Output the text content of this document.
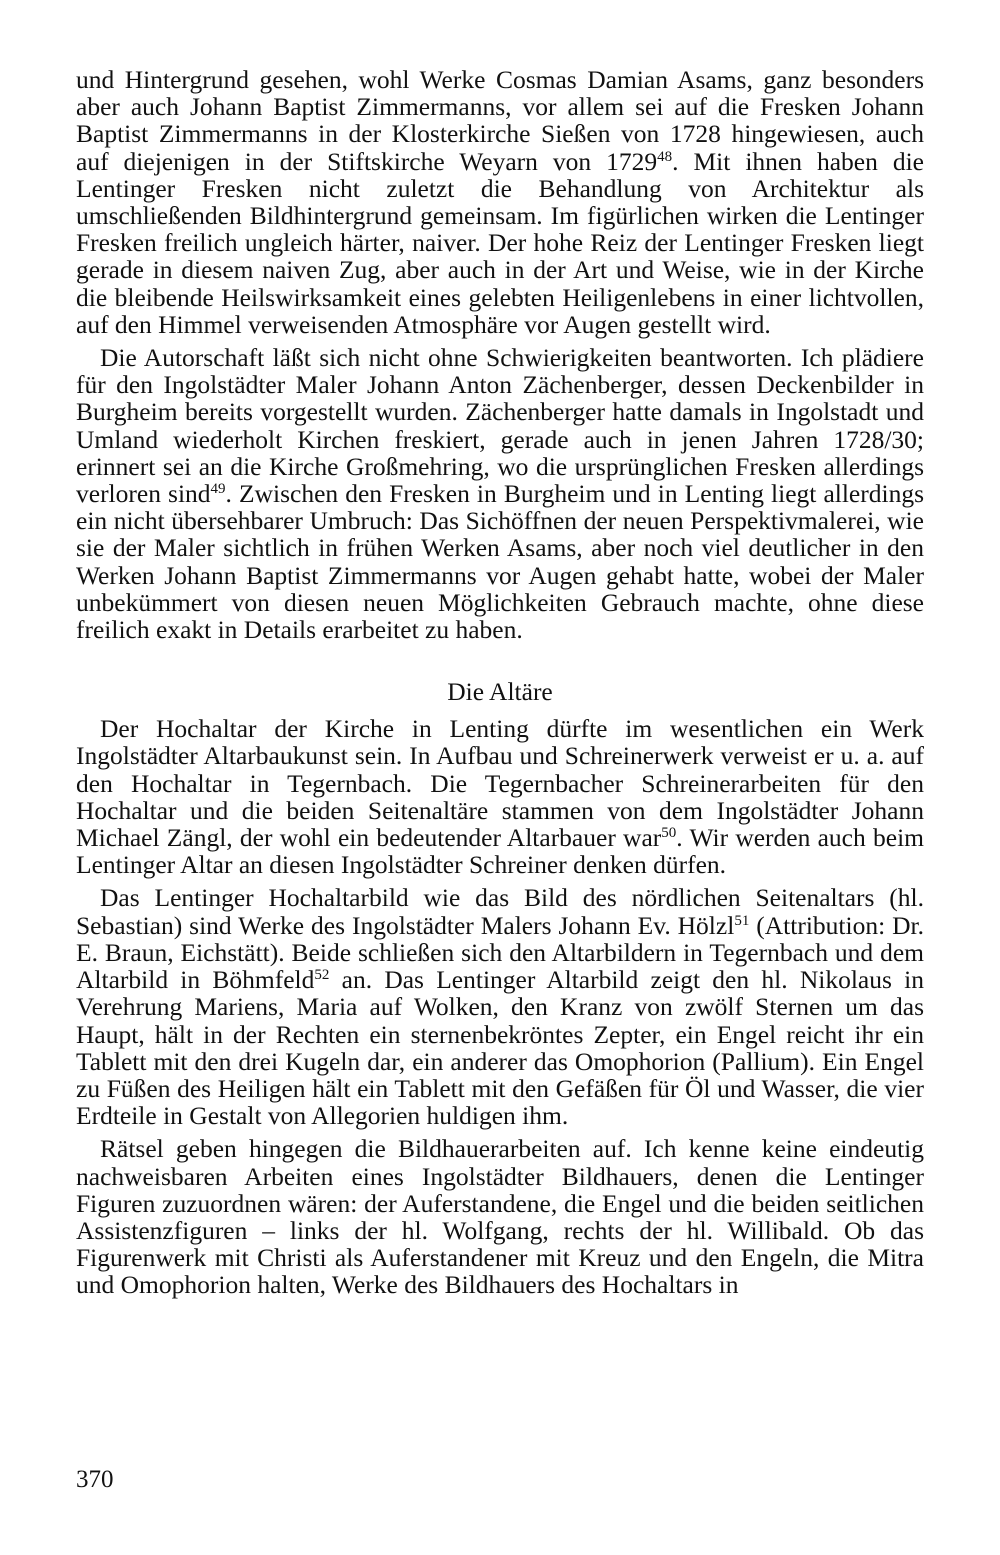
und Hintergrund gesehen, wohl Werke Cosmas Damian Asams, ganz besonders aber auch Johann Baptist Zimmermanns, vor allem sei auf die Fresken Johann Baptist Zimmermanns in der Klosterkirche Sießen von 1728 hingewiesen, auch auf diejenigen in der Stiftskirche Weyarn von 1729$^{48}$. Mit ihnen haben die Lentinger Fresken nicht zuletzt die Behandlung von Architektur als umschließenden Bildhintergrund gemeinsam. Im figürlichen wirken die Lentinger Fresken freilich ungleich härter, naiver. Der hohe Reiz der Lentinger Fresken liegt gerade in diesem naiven Zug, aber auch in der Art und Weise, wie in der Kirche die bleibende Heilswirksamkeit eines gelebten Heiligenlebens in einer lichtvollen, auf den Himmel verweisenden Atmosphäre vor Augen gestellt wird.

Die Autorschaft läßt sich nicht ohne Schwierigkeiten beantworten. Ich plädiere für den Ingolstädter Maler Johann Anton Zächenberger, dessen Deckenbilder in Burgheim bereits vorgestellt wurden. Zächenberger hatte damals in Ingolstadt und Umland wiederholt Kirchen freskiert, gerade auch in jenen Jahren 1728/30; erinnert sei an die Kirche Großmehring, wo die ursprünglichen Fresken allerdings verloren sind$^{49}$. Zwischen den Fresken in Burgheim und in Lenting liegt allerdings ein nicht übersehbarer Umbruch: Das Sichöffnen der neuen Perspektivmalerei, wie sie der Maler sichtlich in frühen Werken Asams, aber noch viel deutlicher in den Werken Johann Baptist Zimmermanns vor Augen gehabt hatte, wobei der Maler unbekümmert von diesen neuen Möglichkeiten Gebrauch machte, ohne diese freilich exakt in Details erarbeitet zu haben.

Die Altäre

Der Hochaltar der Kirche in Lenting dürfte im wesentlichen ein Werk Ingolstädter Altarbaukunst sein. In Aufbau und Schreinerwerk verweist er u. a. auf den Hochaltar in Tegernbach. Die Tegernbacher Schreinerarbeiten für den Hochaltar und die beiden Seitenaltäre stammen von dem Ingolstädter Johann Michael Zängl, der wohl ein bedeutender Altarbauer war$^{50}$. Wir werden auch beim Lentinger Altar an diesen Ingolstädter Schreiner denken dürfen.

Das Lentinger Hochaltarbild wie das Bild des nördlichen Seitenaltars (hl. Sebastian) sind Werke des Ingolstädter Malers Johann Ev. Hölzl$^{51}$ (Attribution: Dr. E. Braun, Eichstätt). Beide schließen sich den Altarbildern in Tegernbach und dem Altarbild in Böhmfeld$^{52}$ an. Das Lentinger Altarbild zeigt den hl. Nikolaus in Verehrung Mariens, Maria auf Wolken, den Kranz von zwölf Sternen um das Haupt, hält in der Rechten ein sternenbekröntes Zepter, ein Engel reicht ihr ein Tablett mit den drei Kugeln dar, ein anderer das Omophorion (Pallium). Ein Engel zu Füßen des Heiligen hält ein Tablett mit den Gefäßen für Öl und Wasser, die vier Erdteile in Gestalt von Allegorien huldigen ihm.

Rätsel geben hingegen die Bildhauerarbeiten auf. Ich kenne keine eindeutig nachweisbaren Arbeiten eines Ingolstädter Bildhauers, denen die Lentinger Figuren zuzuordnen wären: der Auferstandene, die Engel und die beiden seitlichen Assistenzfiguren – links der hl. Wolfgang, rechts der hl. Willibald. Ob das Figurenwerk mit Christi als Auferstandener mit Kreuz und den Engeln, die Mitra und Omophorion halten, Werke des Bildhauers des Hochaltars in

370
